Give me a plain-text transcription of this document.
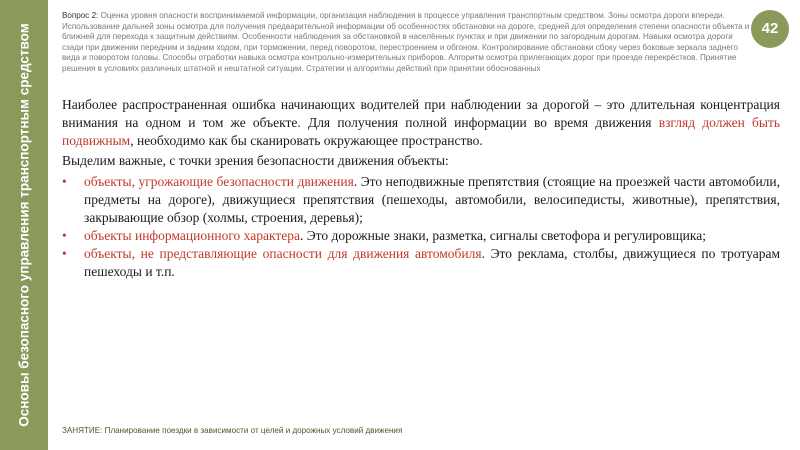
Основы безопасного управления транспортным средством
Вопрос 2: Оценка уровня опасности воспринимаемой информации, организация наблюдения в процессе управления транспортным средством. Зоны осмотра дороги впереди. Использование дальней зоны осмотра для получения предварительной информации об особенностях обстановки на дороге, средней для определения степени опасности объекта и ближней для перехода к защитным действиям. Особенности наблюдения за обстановкой в населённых пунктах и при движении по загородным дорогам. Навыки осмотра дороги сзади при движении передним и задним ходом, при торможении, перед поворотом, перестроением и обгоном. Контролирование обстановки сбоку через боковые зеркала заднего вида и поворотом головы. Способы отработки навыка осмотра контрольно-измерительных приборов. Алгоритм осмотра прилегающих дорог при проезде перекрёстков. Принятие решения в условиях различных штатной и нештатной ситуации. Стратегии и алгоритмы действий при принятии обоснованных
42

Наиболее распространенная ошибка начинающих водителей при наблюдении за дорогой – это длительная концентрация внимания на одном и том же объекте. Для получения полной информации во время движения взгляд должен быть подвижным, необходимо как бы сканировать окружающее пространство.

Выделим важные, с точки зрения безопасности движения объекты:

• объекты, угрожающие безопасности движения. Это неподвижные препятствия (стоящие на проезжей части автомобили, предметы на дороге), движущиеся препятствия (пешеходы, автомобили, велосипедисты, животные), препятствия, закрывающие обзор (холмы, строения, деревья);
• объекты информационного характера. Это дорожные знаки, разметка, сигналы светофора и регулировщика;
• объекты, не представляющие опасности для движения автомобиля. Это реклама, столбы, движущиеся по тротуарам пешеходы и т.п.
ЗАНЯТИЕ: Планирование поездки в зависимости от целей и дорожных условий движения
